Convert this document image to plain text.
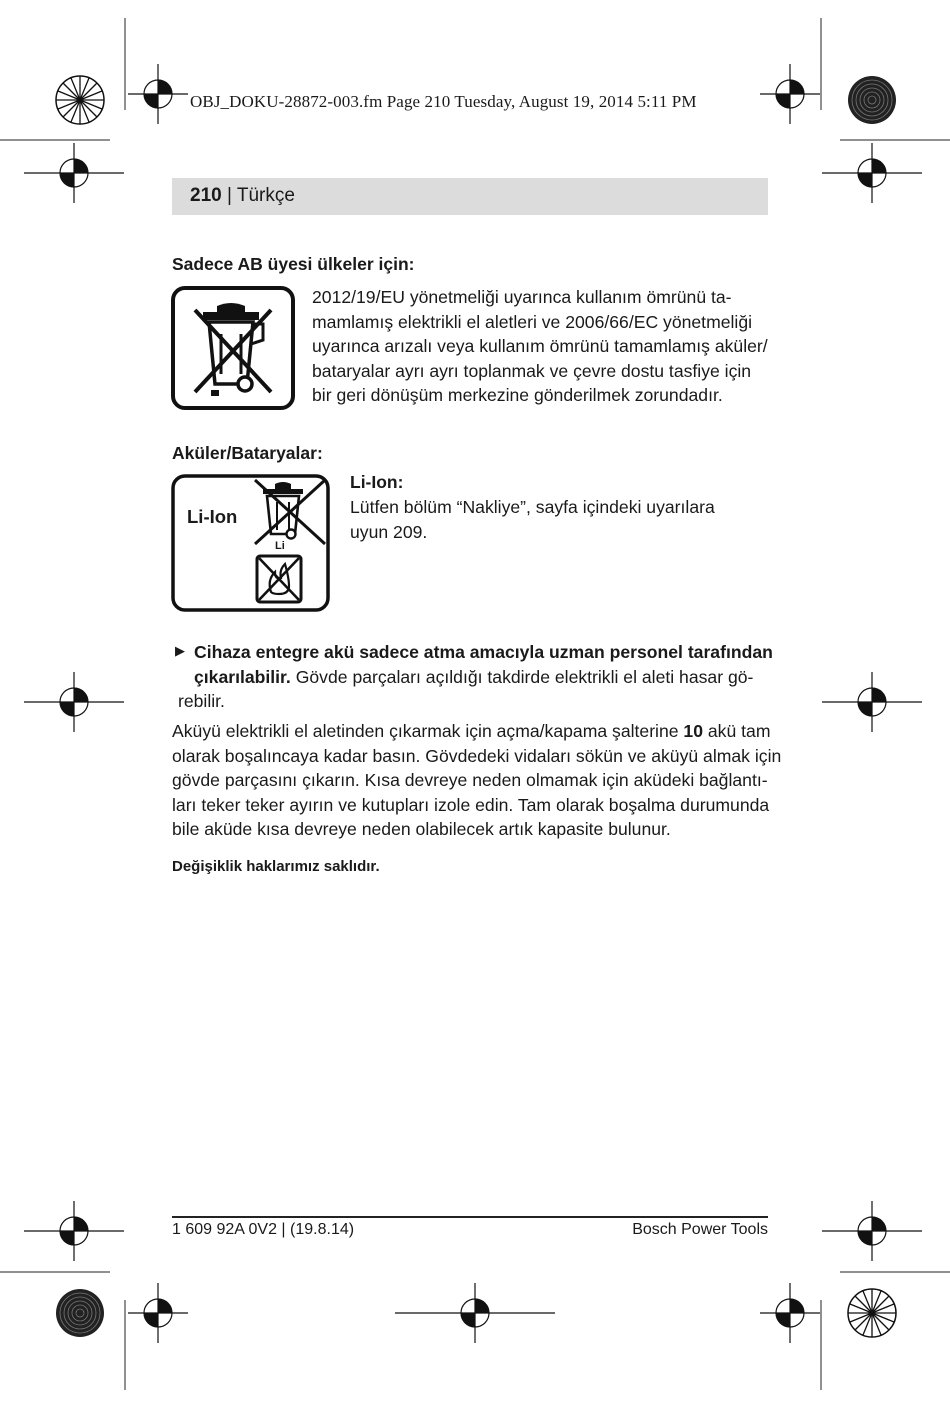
OBJ_DOKU-28872-003.fm Page 210 Tuesday, August 19, 2014 5:11 PM
210 | Türkçe
Sadece AB üyesi ülkeler için:
2012/19/EU yönetmeliği uyarınca kullanım ömrünü ta-
mamlamış elektrikli el aletleri ve 2006/66/EC yönetmeliği
uyarınca arızalı veya kullanım ömrünü tamamlamış aküler/
bataryalar ayrı ayrı toplanmak ve çevre dostu tasfiye için
bir geri dönüşüm merkezine gönderilmek zorundadır.
Aküler/Bataryalar:
Li-Ion
Li
Li-Ion:
Lütfen bölüm “Nakliye”, sayfa içindeki uyarılara
uyun 209.
▶ Cihaza entegre akü sadece atma amacıyla uzman personel tarafından
çıkarılabilir. Gövde parçaları açıldığı takdirde elektrikli el aleti hasar gö-
rebilir.
Aküyü elektrikli el aletinden çıkarmak için açma/kapama şalterine 10 akü tam
olarak boşalıncaya kadar basın. Gövdedeki vidaları sökün ve aküyü almak için
gövde parçasını çıkarın. Kısa devreye neden olmamak için aküdeki bağlantı-
ları teker teker ayırın ve kutupları izole edin. Tam olarak boşalma durumunda
bile aküde kısa devreye neden olabilecek artık kapasite bulunur.
Değişiklik haklarımız saklıdır.
1 609 92A 0V2 | (19.8.14)	Bosch Power Tools
